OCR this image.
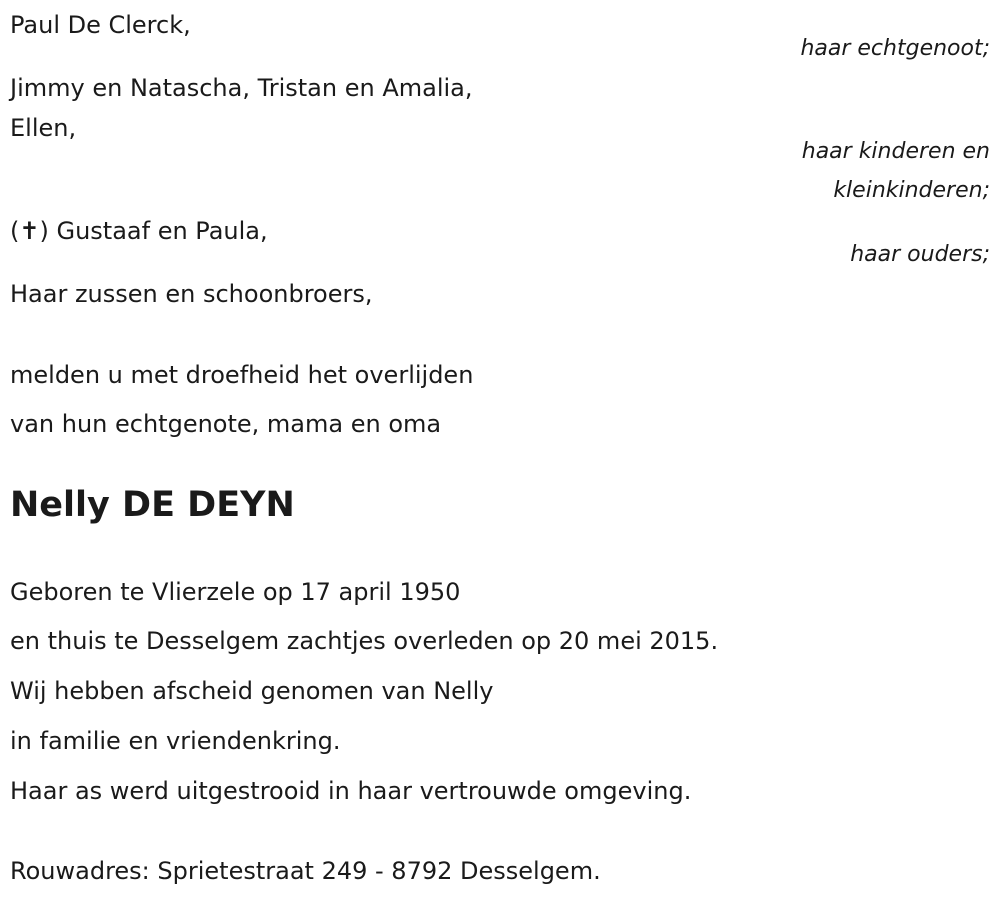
Paul De Clerck,
haar echtgenoot;
Jimmy en Natascha, Tristan en Amalia,
Ellen,
haar kinderen en
kleinkinderen;
(✝) Gustaaf en Paula,
haar ouders;
Haar zussen en schoonbroers,
melden u met droefheid het overlijden
van hun echtgenote, mama en oma
Nelly DE DEYN
Geboren te Vlierzele op 17 april 1950
en thuis te Desselgem zachtjes overleden op 20 mei 2015.
Wij hebben afscheid genomen van Nelly
in familie en vriendenkring.
Haar as werd uitgestrooid in haar vertrouwde omgeving.
Rouwadres: Sprietestraat 249 - 8792 Desselgem.
